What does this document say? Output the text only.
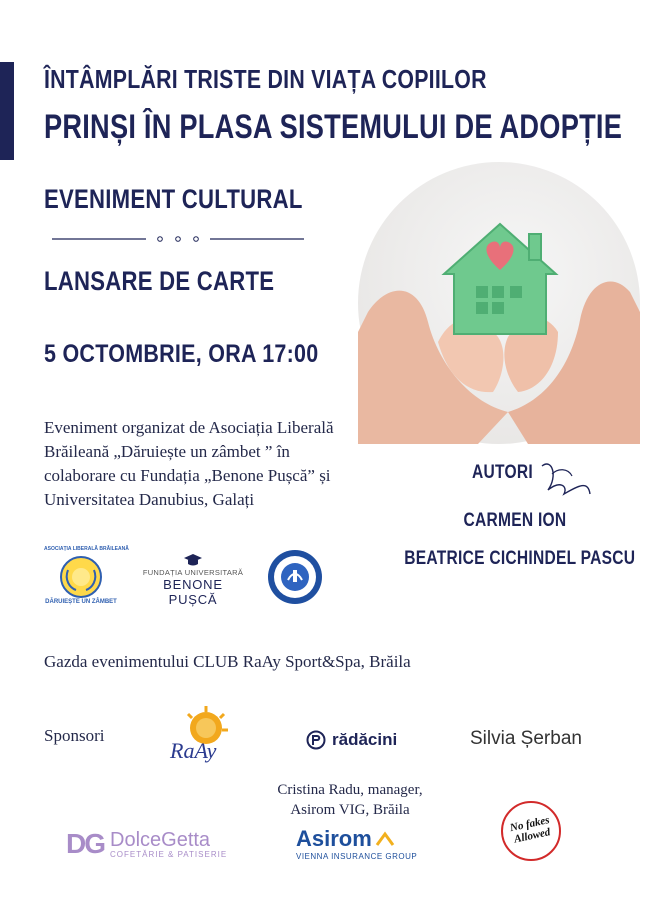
ÎNTÂMPLĂRI TRISTE DIN VIAȚA COPIILOR
PRINȘI ÎN PLASA SISTEMULUI DE ADOPȚIE
EVENIMENT CULTURAL
LANSARE DE CARTE
5 OCTOMBRIE, ORA 17:00
Eveniment organizat de Asociația Liberală Brăileană „Dăruiește un zâmbet ” în colaborare cu Fundația „Benone Pușcă” și Universitatea Danubius, Galați
AUTORI
CARMEN ION
BEATRICE CICHINDEL PASCU
ASOCIAȚIA LIBERALĂ BRĂILEANĂ
DĂRUIEȘTE UN ZÂMBET
FUNDAȚIA UNIVERSITARĂ
BENONE PUȘCĂ
Gazda evenimentului CLUB RaAy Sport&Spa, Brăila
Sponsori
RaAy	rădăcini	Silvia Șerban
Cristina Radu, manager,
Asirom VIG, Brăila
DG DolceGetta
COFETĂRIE & PATISERIE
Asirom
VIENNA INSURANCE GROUP
No fakes Allowed
